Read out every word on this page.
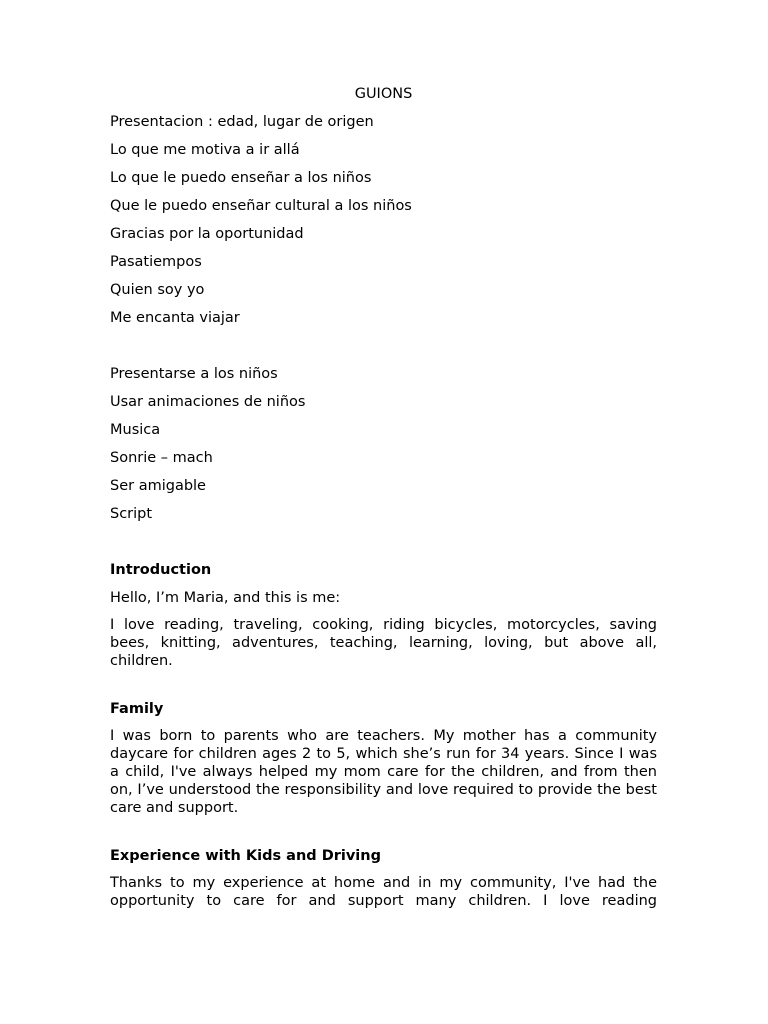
GUIONS
Presentacion : edad, lugar de origen
Lo que me motiva a ir allá
Lo que le puedo enseñar a los niños
Que le puedo enseñar cultural a los niños
Gracias por la oportunidad
Pasatiempos
Quien soy yo
Me encanta viajar
Presentarse a los niños
Usar animaciones de niños
Musica
Sonrie – mach
Ser amigable
Script
Introduction
Hello, I’m Maria, and this is me:

I love reading, traveling, cooking, riding bicycles, motorcycles, saving bees, knitting, adventures, teaching, learning, loving, but above all, children.

Family

I was born to parents who are teachers. My mother has a community daycare for children ages 2 to 5, which she’s run for 34 years. Since I was a child, I've always helped my mom care for the children, and from then on, I’ve understood the responsibility and love required to provide the best care and support.

Experience with Kids and Driving

Thanks to my experience at home and in my community, I've had the opportunity to care for and support many children. I love reading
